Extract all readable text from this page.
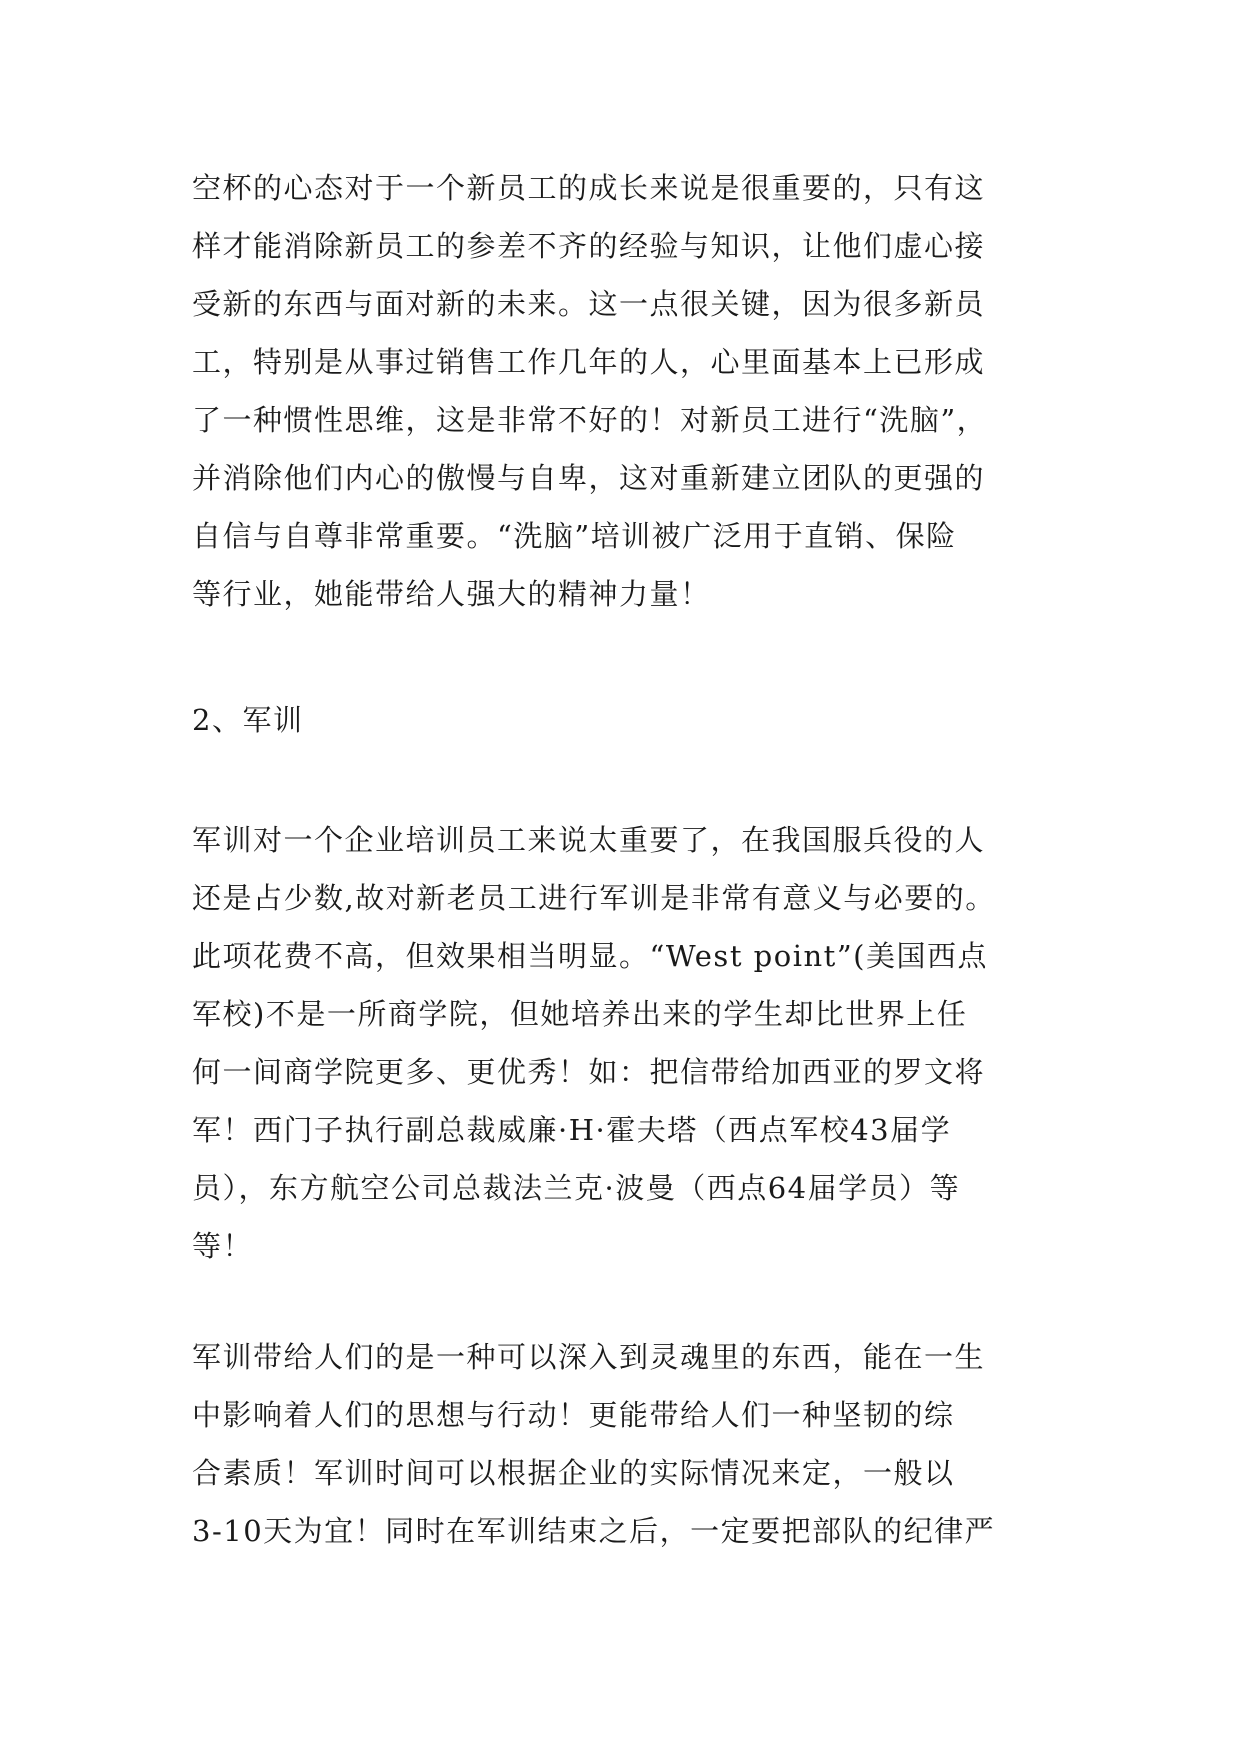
空杯的心态对于一个新员工的成长来说是很重要的，只有这
样才能消除新员工的参差不齐的经验与知识，让他们虚心接
受新的东西与面对新的未来。这一点很关键，因为很多新员
工，特别是从事过销售工作几年的人，心里面基本上已形成
了一种惯性思维，这是非常不好的！对新员工进行“洗脑”，
并消除他们内心的傲慢与自卑，这对重新建立团队的更强的
自信与自尊非常重要。“洗脑”培训被广泛用于直销、保险
等行业，她能带给人强大的精神力量！

2、军训

军训对一个企业培训员工来说太重要了，在我国服兵役的人
还是占少数,故对新老员工进行军训是非常有意义与必要的。
此项花费不高，但效果相当明显。“West point”(美国西点
军校)不是一所商学院，但她培养出来的学生却比世界上任
何一间商学院更多、更优秀！如：把信带给加西亚的罗文将
军！西门子执行副总裁威廉·H·霍夫塔（西点军校43届学
员），东方航空公司总裁法兰克·波曼（西点64届学员）等
等！

军训带给人们的是一种可以深入到灵魂里的东西，能在一生
中影响着人们的思想与行动！更能带给人们一种坚韧的综
合素质！军训时间可以根据企业的实际情况来定，一般以
3-10天为宜！同时在军训结束之后，一定要把部队的纪律严
